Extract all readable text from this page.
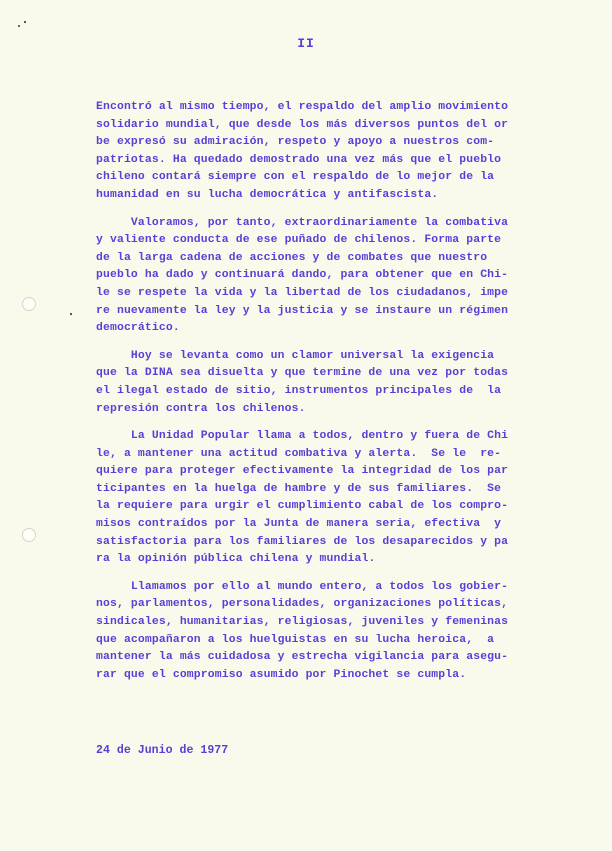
II
Encontró al mismo tiempo, el respaldo del amplio movimiento
solidario mundial, que desde los más diversos puntos del or
be expresó su admiración, respeto y apoyo a nuestros com-
patriotas. Ha quedado demostrado una vez más que el pueblo
chileno contará siempre con el respaldo de lo mejor de la
humanidad en su lucha democrática y antifascista.
Valoramos, por tanto, extraordinariamente la combativa
y valiente conducta de ese puñado de chilenos. Forma parte
de la larga cadena de acciones y de combates que nuestro
pueblo ha dado y continuará dando, para obtener que en Chi-
le se respete la vida y la libertad de los ciudadanos, impe
re nuevamente la ley y la justicia y se instaure un régimen
democrático.
Hoy se levanta como un clamor universal la exigencia
que la DINA sea disuelta y que termine de una vez por todas
el ilegal estado de sitio, instrumentos principales de  la
represión contra los chilenos.
La Unidad Popular llama a todos, dentro y fuera de Chi
le, a mantener una actitud combativa y alerta.  Se le  re-
quiere para proteger efectivamente la integridad de los par
ticipantes en la huelga de hambre y de sus familiares.  Se
la requiere para urgir el cumplimiento cabal de los compro-
misos contraídos por la Junta de manera seria, efectiva  y
satisfactoria para los familiares de los desaparecidos y pa
ra la opinión pública chilena y mundial.
Llamamos por ello al mundo entero, a todos los gobier-
nos, parlamentos, personalidades, organizaciones políticas,
sindicales, humanitarias, religiosas, juveniles y femeninas
que acompañaron a los huelguistas en su lucha heroica,  a
mantener la más cuidadosa y estrecha vigilancia para asegu-
rar que el compromiso asumido por Pinochet se cumpla.
24 de Junio de 1977
